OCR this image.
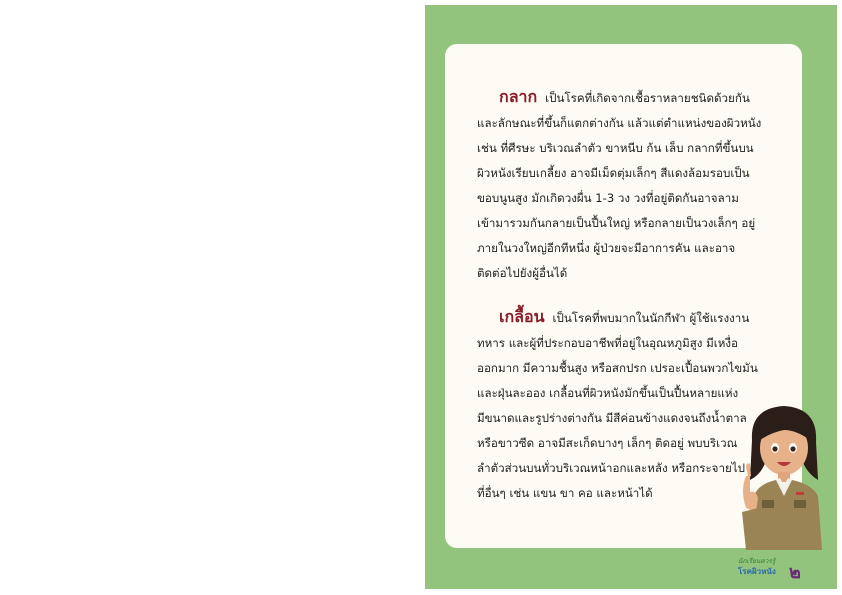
กลาก เป็นโรคที่เกิดจากเชื้อราหลายชนิดด้วยกัน
และลักษณะที่ขึ้นก็แตกต่างกัน แล้วแต่ตำแหน่งของผิวหนัง
เช่น ที่ศีรษะ บริเวณลำตัว ขาหนีบ ก้น เล็บ กลากที่ขึ้นบน
ผิวหนังเรียบเกลี้ยง อาจมีเม็ดตุ่มเล็กๆ สีแดงล้อมรอบเป็น
ขอบนูนสูง มักเกิดวงผื่น 1-3 วง วงที่อยู่ติดกันอาจลาม
เข้ามารวมกันกลายเป็นปื้นใหญ่ หรือกลายเป็นวงเล็กๆ อยู่
ภายในวงใหญ่อีกทีหนึ่ง ผู้ป่วยจะมีอาการคัน และอาจ
ติดต่อไปยังผู้อื่นได้
เกลื้อน เป็นโรคที่พบมากในนักกีฬา ผู้ใช้แรงงาน
ทหาร และผู้ที่ประกอบอาชีพที่อยู่ในอุณหภูมิสูง มีเหงื่อ
ออกมาก มีความชื้นสูง หรือสกปรก เปรอะเปื้อนพวกไขมัน
และฝุ่นละออง เกลื้อนที่ผิวหนังมักขึ้นเป็นปื้นหลายแห่ง
มีขนาดและรูปร่างต่างกัน มีสีค่อนข้างแดงจนถึงน้ำตาล
หรือขาวซีด อาจมีสะเก็ดบางๆ เล็กๆ ติดอยู่ พบบริเวณ
ลำตัวส่วนบนทั่วบริเวณหน้าอกและหลัง หรือกระจายไป
ที่อื่นๆ เช่น แขน ขา คอ และหน้าได้
นักเรียนควรรู้
โรคผิวหนัง ๒
